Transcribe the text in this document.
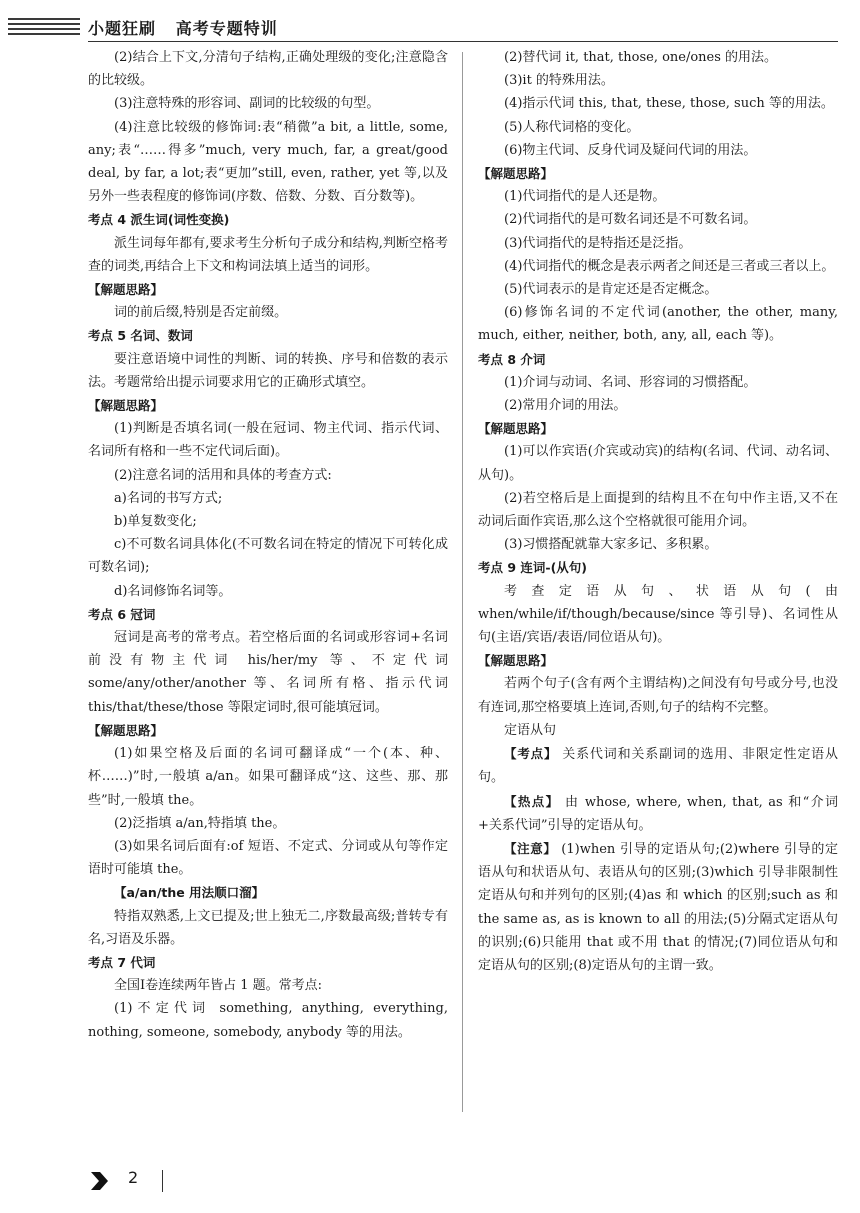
小题狂刷   高考专题特训

(2)结合上下文,分清句子结构,正确处理级的变化;注意隐含的比较级。

(3)注意特殊的形容词、副词的比较级的句型。

(4)注意比较级的修饰词:表“稍微”a bit, a little, some, any;表“……得多”much, very much, far, a great/good deal, by far, a lot;表“更加”still, even, rather, yet 等,以及另外一些表程度的修饰词(序数、倍数、分数、百分数等)。

考点 4 派生词(词性变换)

派生词每年都有,要求考生分析句子成分和结构,判断空格考查的词类,再结合上下文和构词法填上适当的词形。

【解题思路】

词的前后缀,特别是否定前缀。

考点 5 名词、数词

要注意语境中词性的判断、词的转换、序号和倍数的表示法。考题常给出提示词要求用它的正确形式填空。

【解题思路】

(1)判断是否填名词(一般在冠词、物主代词、指示代词、名词所有格和一些不定代词后面)。

(2)注意名词的活用和具体的考查方式:

a)名词的书写方式;

b)单复数变化;

c)不可数名词具体化(不可数名词在特定的情况下可转化成可数名词);

d)名词修饰名词等。

考点 6 冠词

冠词是高考的常考点。若空格后面的名词或形容词+名词前没有物主代词 his/her/my 等、不定代词 some/any/other/another 等、名词所有格、指示代词 this/that/these/those 等限定词时,很可能填冠词。

【解题思路】

(1)如果空格及后面的名词可翻译成“一个(本、种、杯……)”时,一般填 a/an。如果可翻译成“这、这些、那、那些”时,一般填 the。

(2)泛指填 a/an,特指填 the。

(3)如果名词后面有:of 短语、不定式、分词或从句等作定语时可能填 the。

【a/an/the 用法顺口溜】

特指双熟悉,上文已提及;世上独无二,序数最高级;普转专有名,习语及乐器。

考点 7 代词

全国Ⅰ卷连续两年皆占 1 题。常考点:

(1)不定代词 something, anything, everything, nothing, someone, somebody, anybody 等的用法。

(2)替代词 it, that, those, one/ones 的用法。

(3)it 的特殊用法。

(4)指示代词 this, that, these, those, such 等的用法。

(5)人称代词格的变化。

(6)物主代词、反身代词及疑问代词的用法。

【解题思路】

(1)代词指代的是人还是物。

(2)代词指代的是可数名词还是不可数名词。

(3)代词指代的是特指还是泛指。

(4)代词指代的概念是表示两者之间还是三者或三者以上。

(5)代词表示的是肯定还是否定概念。

(6)修饰名词的不定代词(another, the other, many, much, either, neither, both, any, all, each 等)。

考点 8 介词

(1)介词与动词、名词、形容词的习惯搭配。

(2)常用介词的用法。

【解题思路】

(1)可以作宾语(介宾或动宾)的结构(名词、代词、动名词、从句)。

(2)若空格后是上面提到的结构且不在句中作主语,又不在动词后面作宾语,那么这个空格就很可能用介词。

(3)习惯搭配就靠大家多记、多积累。

考点 9 连词-(从句)

考查定语从句、状语从句(由 when/while/if/though/because/since 等引导)、名词性从句(主语/宾语/表语/同位语从句)。

【解题思路】

若两个句子(含有两个主谓结构)之间没有句号或分号,也没有连词,那空格要填上连词,否则,句子的结构不完整。

定语从句

【考点】 关系代词和关系副词的选用、非限定性定语从句。

【热点】 由 whose, where, when, that, as 和“介词+关系代词”引导的定语从句。

【注意】 (1)when 引导的定语从句;(2)where 引导的定语从句和状语从句、表语从句的区别;(3)which 引导非限制性定语从句和并列句的区别;(4)as 和 which 的区别;such as 和 the same as, as is known to all 的用法;(5)分隔式定语从句的识别;(6)只能用 that 或不用 that 的情况;(7)同位语从句和定语从句的区别;(8)定语从句的主谓一致。

2
